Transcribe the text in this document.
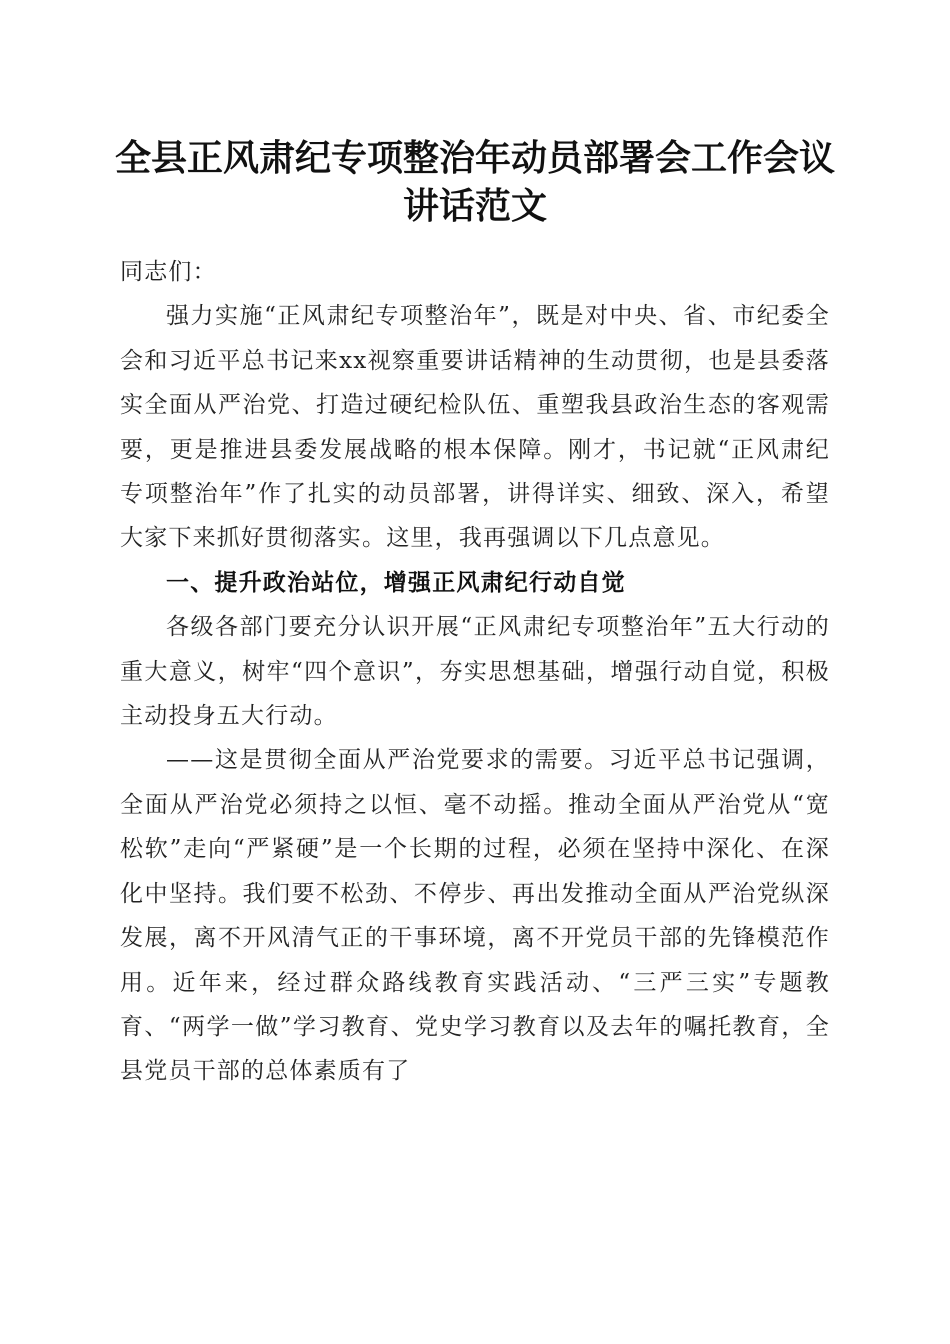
全县正风肃纪专项整治年动员部署会工作会议
讲话范文

同志们：

强力实施“正风肃纪专项整治年”，既是对中央、省、市纪委全会和习近平总书记来xx视察重要讲话精神的生动贯彻，也是县委落实全面从严治党、打造过硬纪检队伍、重塑我县政治生态的客观需要，更是推进县委发展战略的根本保障。刚才，书记就“正风肃纪专项整治年”作了扎实的动员部署，讲得详实、细致、深入，希望大家下来抓好贯彻落实。这里，我再强调以下几点意见。

一、提升政治站位，增强正风肃纪行动自觉

各级各部门要充分认识开展“正风肃纪专项整治年”五大行动的重大意义，树牢“四个意识”，夯实思想基础，增强行动自觉，积极主动投身五大行动。

——这是贯彻全面从严治党要求的需要。习近平总书记强调，全面从严治党必须持之以恒、毫不动摇。推动全面从严治党从“宽松软”走向“严紧硬”是一个长期的过程，必须在坚持中深化、在深化中坚持。我们要不松劲、不停步、再出发推动全面从严治党纵深发展，离不开风清气正的干事环境，离不开党员干部的先锋模范作用。近年来，经过群众路线教育实践活动、“三严三实”专题教育、“两学一做”学习教育、党史学习教育以及去年的嘱托教育，全县党员干部的总体素质有了
